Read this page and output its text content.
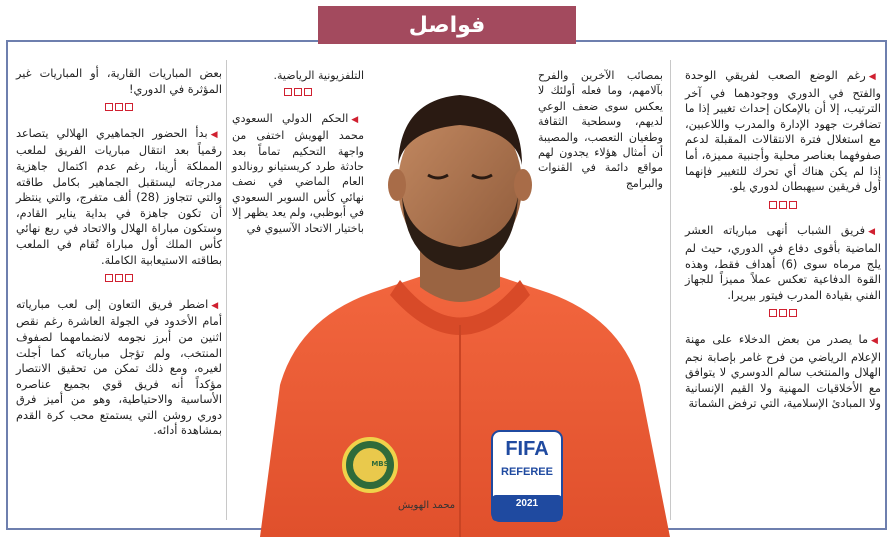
فواصل
MBS
FIFA
REFEREE
2021
محمد الهويش

◀رغم الوضع الصعب لفريقي الوحدة والفتح في الدوري ووجودهما في آخر الترتيب، إلا أن بالإمكان إحداث تغيير إذا ما تضافرت جهود الإدارة والمدرب واللاعبين، مع استغلال فترة الانتقالات المقبلة لدعم صفوفهما بعناصر محلية وأجنبية مميزة، أما إذا لم يكن هناك أي تحرك للتغيير فإنهما أول فريقين سيهبطان لدوري يلو.

◀فريق الشباب أنهى مبارياته العشر الماضية بأقوى دفاع في الدوري، حيث لم يلج مرماه سوى (6) أهداف فقط، وهذه القوة الدفاعية تعكس عملاً مميزاً للجهاز الفني بقيادة المدرب فيتور بيريرا.

◀ما يصدر من بعض الدخلاء على مهنة الإعلام الرياضي من فرح غامر بإصابة نجم الهلال والمنتخب سالم الدوسري لا يتوافق مع الأخلاقيات المهنية ولا القيم الإنسانية ولا المبادئ الإسلامية، التي ترفض الشماتة

بمصائب الآخرين والفرح بآلامهم، وما فعله أولئك لا يعكس سوى ضعف الوعي لديهم، وسطحية الثقافة وطغيان التعصب، والمصيبة أن أمثال هؤلاء يجدون لهم مواقع دائمة في القنوات والبرامج

التلفزيونية الرياضية.

◀الحكم الدولي السعودي محمد الهويش اختفى من واجهة التحكيم تماماً بعد حادثة طرد كريستيانو رونالدو العام الماضي في نصف نهائي كأس السوبر السعودي في أبوظبي، ولم يعد يظهر إلا باختيار الاتحاد الآسيوي في

بعض المباريات القارية، أو المباريات غير المؤثرة في الدوري!

◀بدأ الحضور الجماهيري الهلالي يتصاعد رقمياً بعد انتقال مباريات الفريق لملعب المملكة أرينا، رغم عدم اكتمال جاهزية مدرجاته ليستقبل الجماهير بكامل طاقته والتي تتجاوز (28) ألف متفرج، والتي ينتظر أن تكون جاهزة في بداية يناير القادم، وستكون مباراة الهلال والاتحاد في ربع نهائي كأس الملك أول مباراة تُقام في الملعب بطاقته الاستيعابية الكاملة.

◀اضطر فريق التعاون إلى لعب مبارياته أمام الأخدود في الجولة العاشرة رغم نقص اثنين من أبرز نجومه لانضمامهما لصفوف المنتخب، ولم تؤجل مبارياته كما أجلت لغيره، ومع ذلك تمكن من تحقيق الانتصار مؤكداً أنه فريق قوي بجميع عناصره الأساسية والاحتياطية، وهو من أميز فرق دوري روشن التي يستمتع محب كرة القدم بمشاهدة أدائه.
